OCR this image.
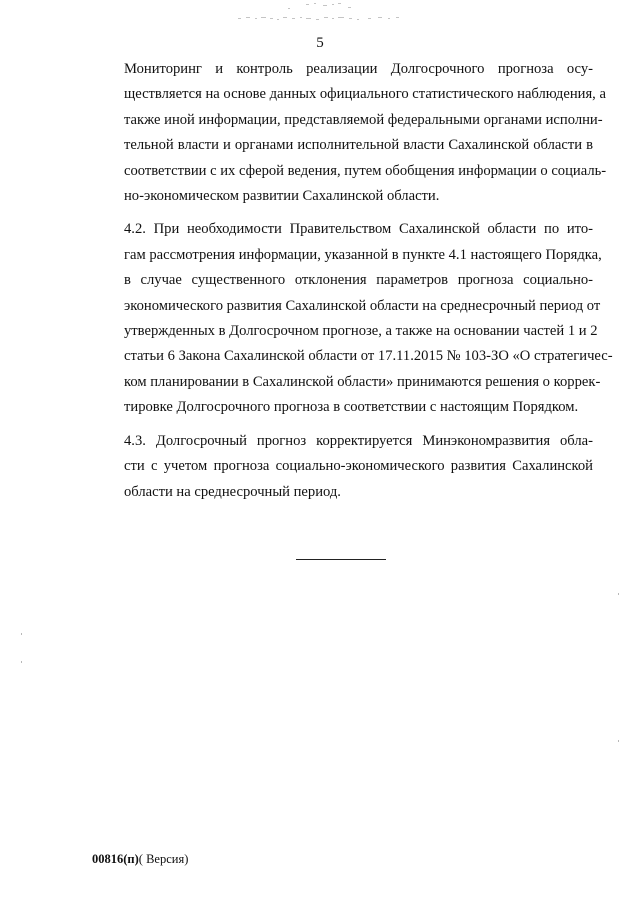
5
Мониторинг и контроль реализации Долгосрочного прогноза осу-
ществляется на основе данных официального статистического наблюдения, а
также иной информации, представляемой федеральными органами исполни-
тельной власти и органами исполнительной власти Сахалинской области в
соответствии с их сферой ведения, путем обобщения информации о социаль-
но-экономическом развитии Сахалинской области.
4.2. При необходимости Правительством Сахалинской области по ито-
гам рассмотрения информации, указанной в пункте 4.1 настоящего Порядка,
в случае существенного отклонения параметров прогноза социально-
экономического развития Сахалинской области на среднесрочный период от
утвержденных в Долгосрочном прогнозе, а также на основании частей 1 и 2
статьи 6 Закона Сахалинской области от 17.11.2015 № 103-ЗО «О стратегичес-
ком планировании в Сахалинской области» принимаются решения о коррек-
тировке Долгосрочного прогноза в соответствии с настоящим Порядком.
4.3. Долгосрочный прогноз корректируется Минэкономразвития обла-
сти с учетом прогноза социально-экономического развития Сахалинской
области на среднесрочный период.
00816(п)( Версия)
